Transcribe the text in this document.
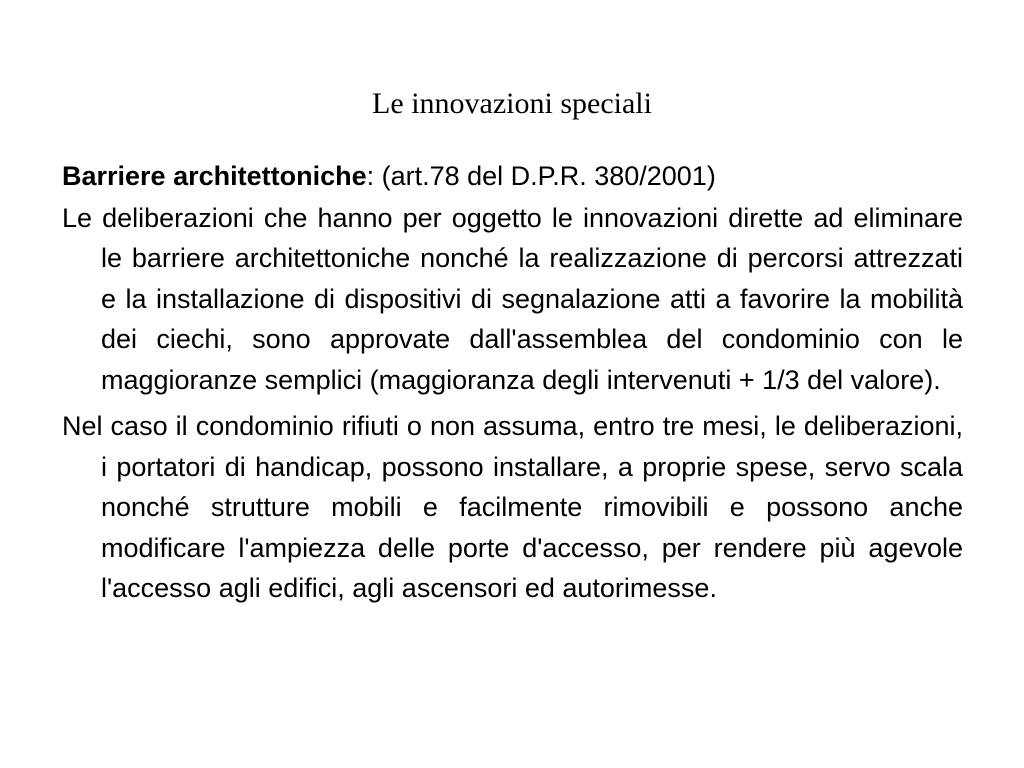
Le innovazioni speciali

Barriere architettoniche: (art.78 del D.P.R. 380/2001)

Le deliberazioni che hanno per oggetto le innovazioni dirette ad eliminare le barriere architettoniche nonché la realizzazione di percorsi attrezzati e la installazione di dispositivi di segnalazione atti a favorire la mobilità dei ciechi, sono approvate dall'assemblea del condominio con le maggioranze semplici (maggioranza degli intervenuti + 1/3 del valore).

Nel caso il condominio rifiuti o non assuma, entro tre mesi, le deliberazioni, i portatori di handicap, possono installare, a proprie spese, servo scala nonché strutture mobili e facilmente rimovibili e possono anche modificare l'ampiezza delle porte d'accesso, per rendere più agevole l'accesso agli edifici, agli ascensori ed autorimesse.
